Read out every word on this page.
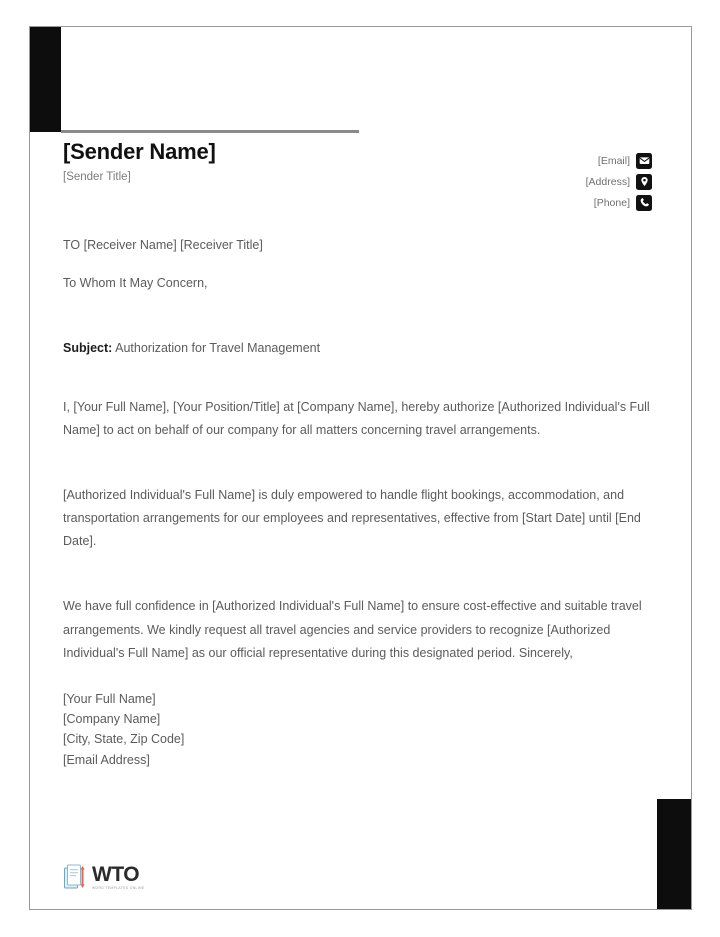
[Email]
[Address]
[Phone]
[Sender Name]
[Sender Title]

TO [Receiver Name] [Receiver Title]

To Whom It May Concern,

Subject: Authorization for Travel Management

I, [Your Full Name], [Your Position/Title] at [Company Name], hereby authorize [Authorized Individual's Full Name] to act on behalf of our company for all matters concerning travel arrangements.

[Authorized Individual's Full Name] is duly empowered to handle flight bookings, accommodation, and transportation arrangements for our employees and representatives, effective from [Start Date] until [End Date].

We have full confidence in [Authorized Individual's Full Name] to ensure cost-effective and suitable travel arrangements. We kindly request all travel agencies and service providers to recognize [Authorized Individual's Full Name] as our official representative during this designated period. Sincerely,

[Your Full Name]
[Company Name]
[City, State, Zip Code]
[Email Address]
WTO
WORD TEMPLATES ONLINE
